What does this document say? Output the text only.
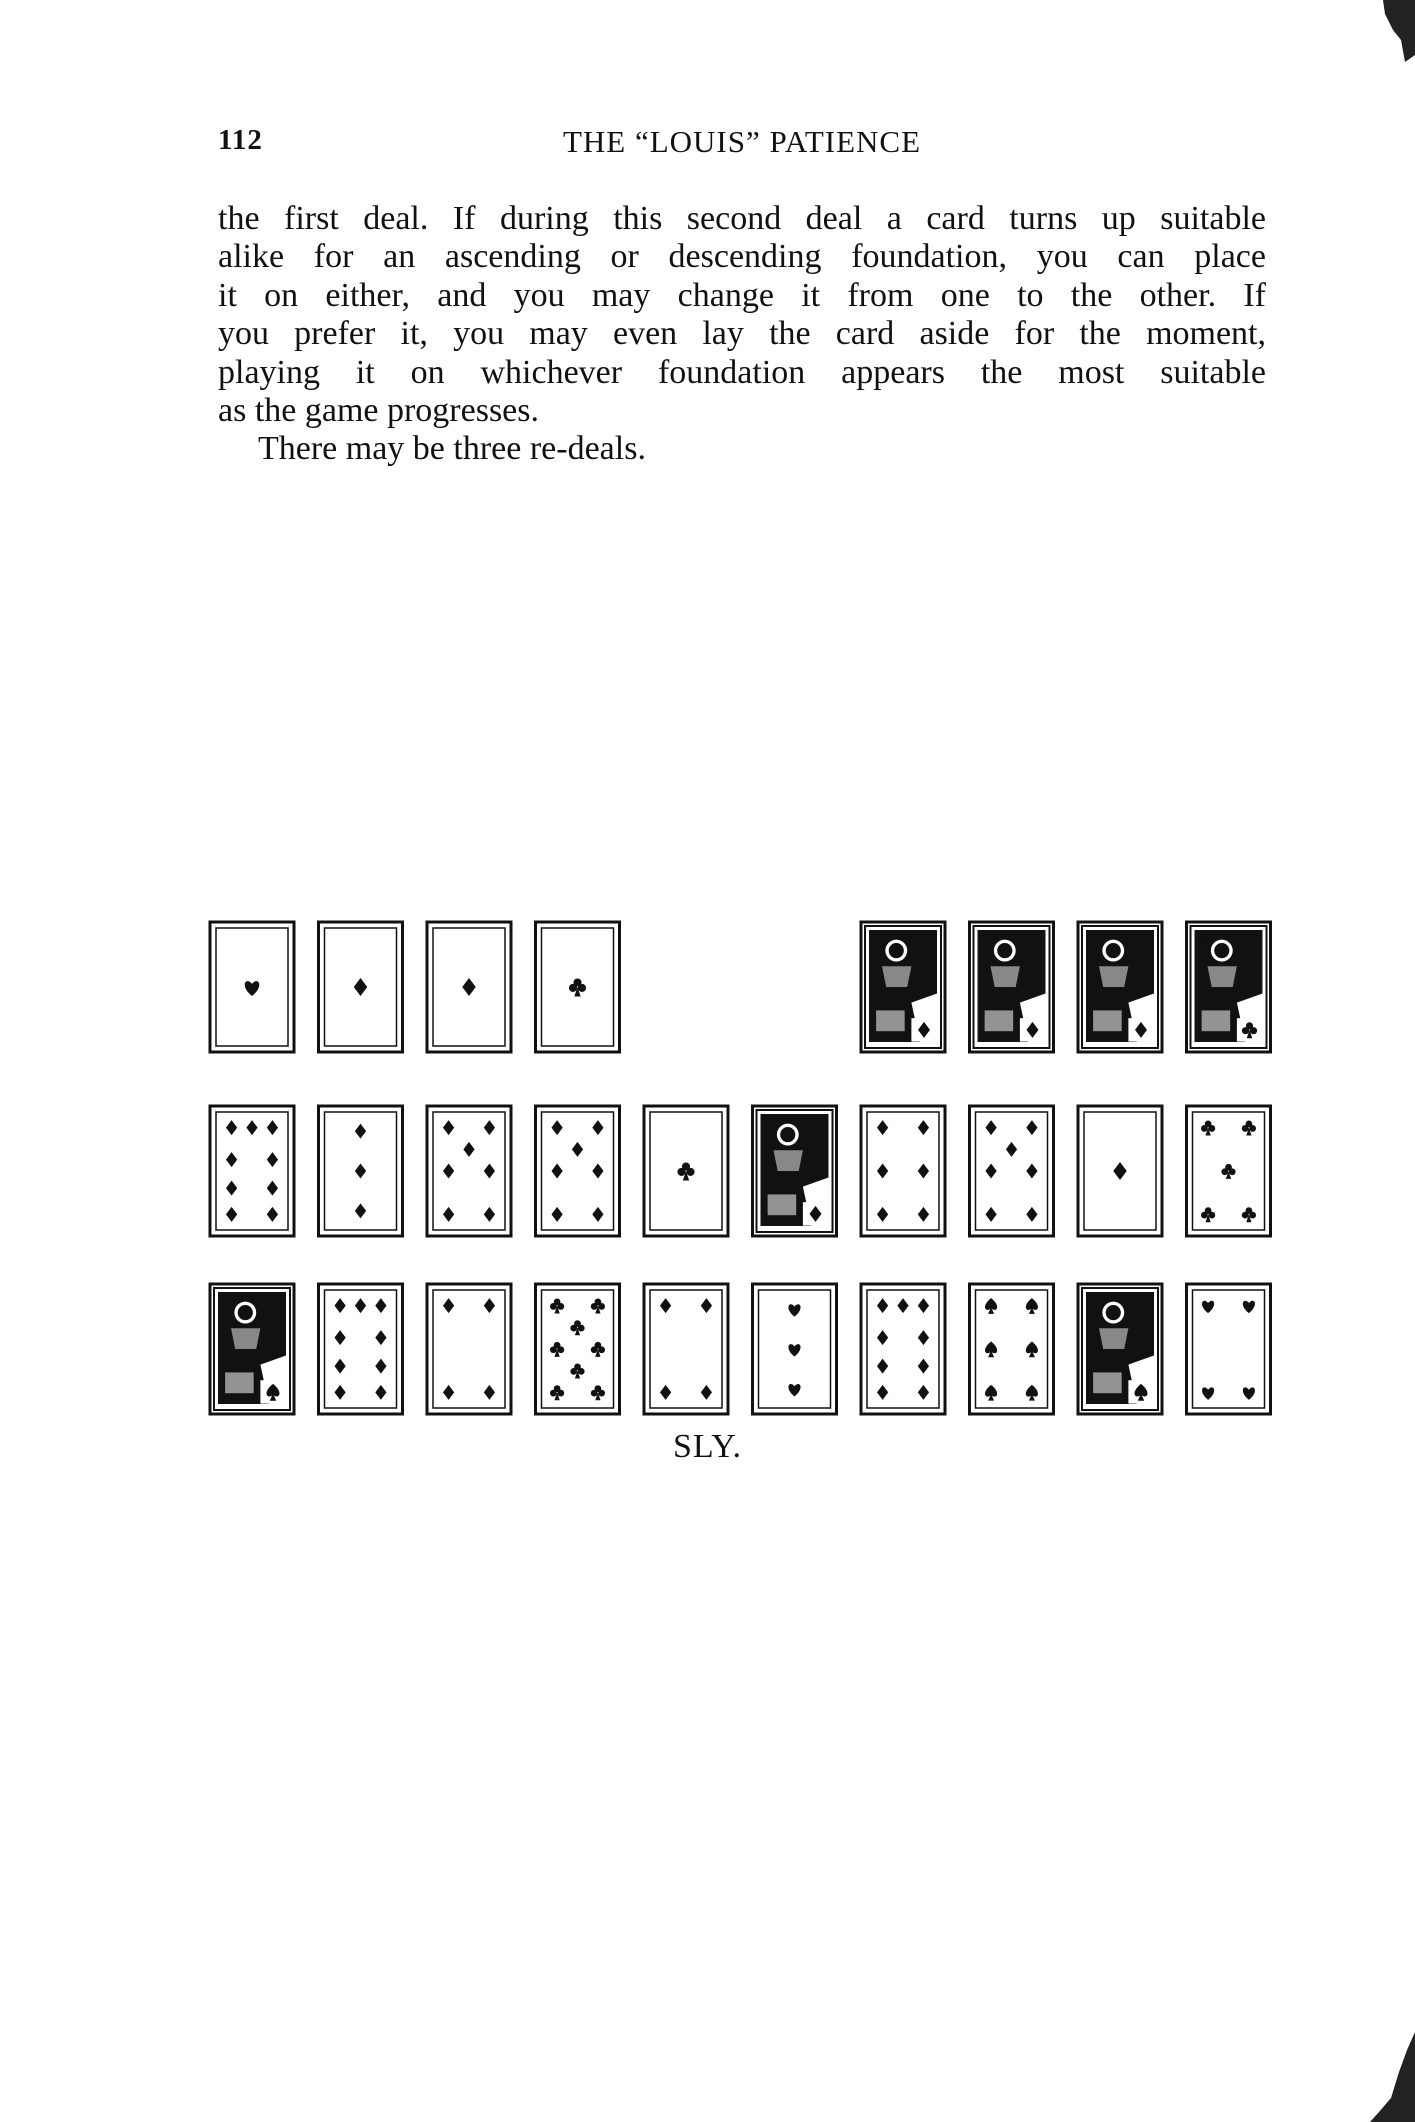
112	THE “LOUIS” PATIENCE

the first deal. If during this second deal a card turns up suitable

alike for an ascending or descending foundation, you can place

it on either, and you may change it from one to the other. If

you prefer it, you may even lay the card aside for the moment,

playing it on whichever foundation appears the most suitable

as the game progresses.

There may be three re-deals.

SLY.
